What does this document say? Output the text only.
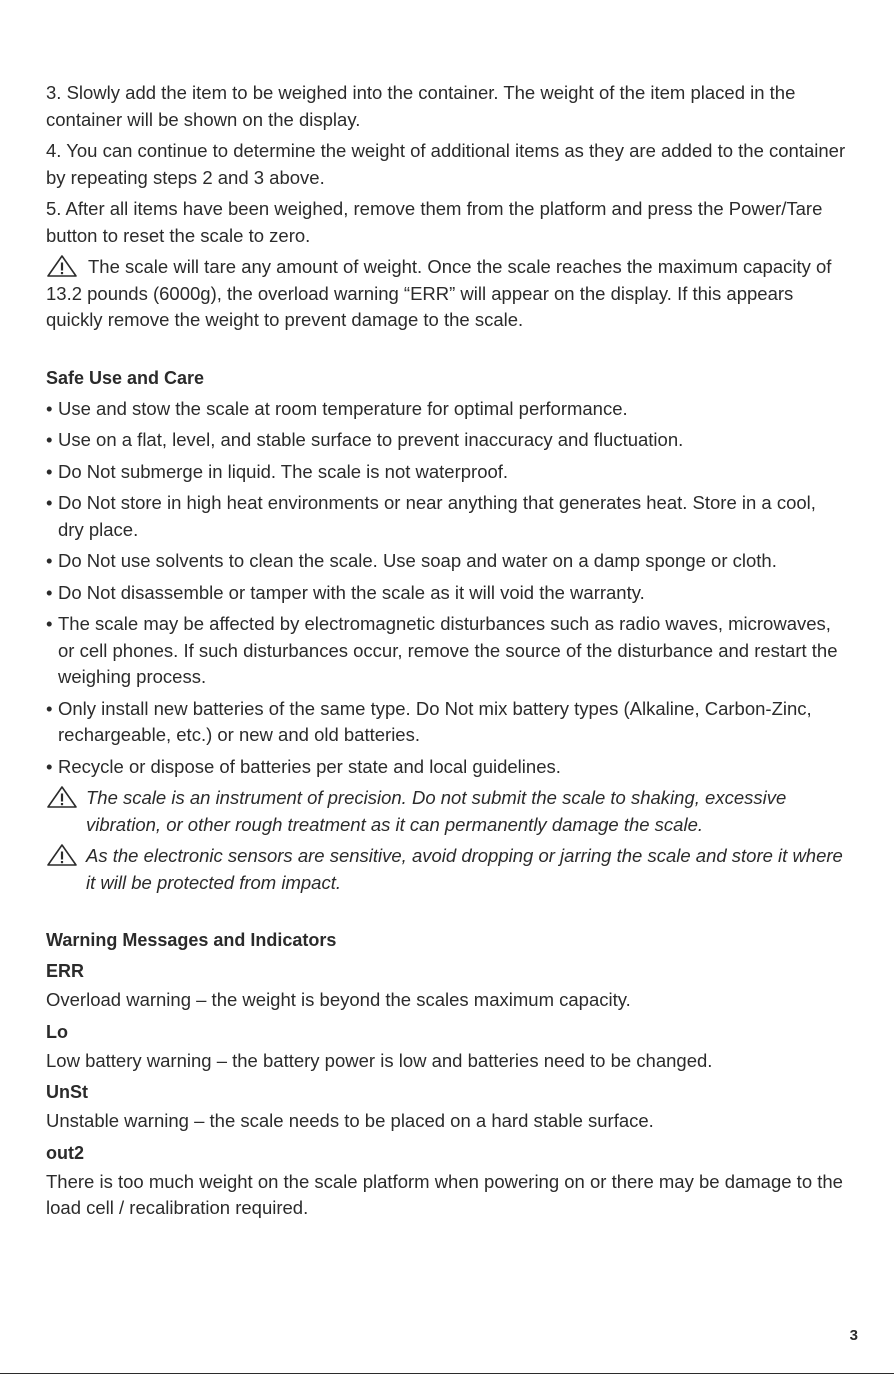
3. Slowly add the item to be weighed into the container. The weight of the item placed in the container will be shown on the display.

4. You can continue to determine the weight of additional items as they are added to the container by repeating steps 2 and 3 above.

5. After all items have been weighed, remove them from the platform and press the Power/Tare button to reset the scale to zero.

The scale will tare any amount of weight. Once the scale reaches the maximum capacity of 13.2 pounds (6000g), the overload warning “ERR” will appear on the display. If this appears quickly remove the weight to prevent damage to the scale.
Safe Use and Care
• Use and stow the scale at room temperature for optimal performance.
• Use on a flat, level, and stable surface to prevent inaccuracy and fluctuation.
• Do Not submerge in liquid. The scale is not waterproof.
• Do Not store in high heat environments or near anything that generates heat. Store in a cool, dry place.
• Do Not use solvents to clean the scale. Use soap and water on a damp sponge or cloth.
• Do Not disassemble or tamper with the scale as it will void the warranty.
• The scale may be affected by electromagnetic disturbances such as radio waves, microwaves, or cell phones. If such disturbances occur, remove the source of the disturbance and restart the weighing process.
• Only install new batteries of the same type. Do Not mix battery types (Alkaline, Carbon-Zinc, rechargeable, etc.) or new and old batteries.
• Recycle or dispose of batteries per state and local guidelines.
The scale is an instrument of precision. Do not submit the scale to shaking, excessive vibration, or other rough treatment as it can permanently damage the scale.
As the electronic sensors are sensitive, avoid dropping or jarring the scale and store it where it will be protected from impact.
Warning Messages and Indicators
ERR
Overload warning – the weight is beyond the scales maximum capacity.
Lo
Low battery warning – the battery power is low and batteries need to be changed.
UnSt
Unstable warning – the scale needs to be placed on a hard stable surface.
out2
There is too much weight on the scale platform when powering on or there may be damage to the load cell / recalibration required.
3
